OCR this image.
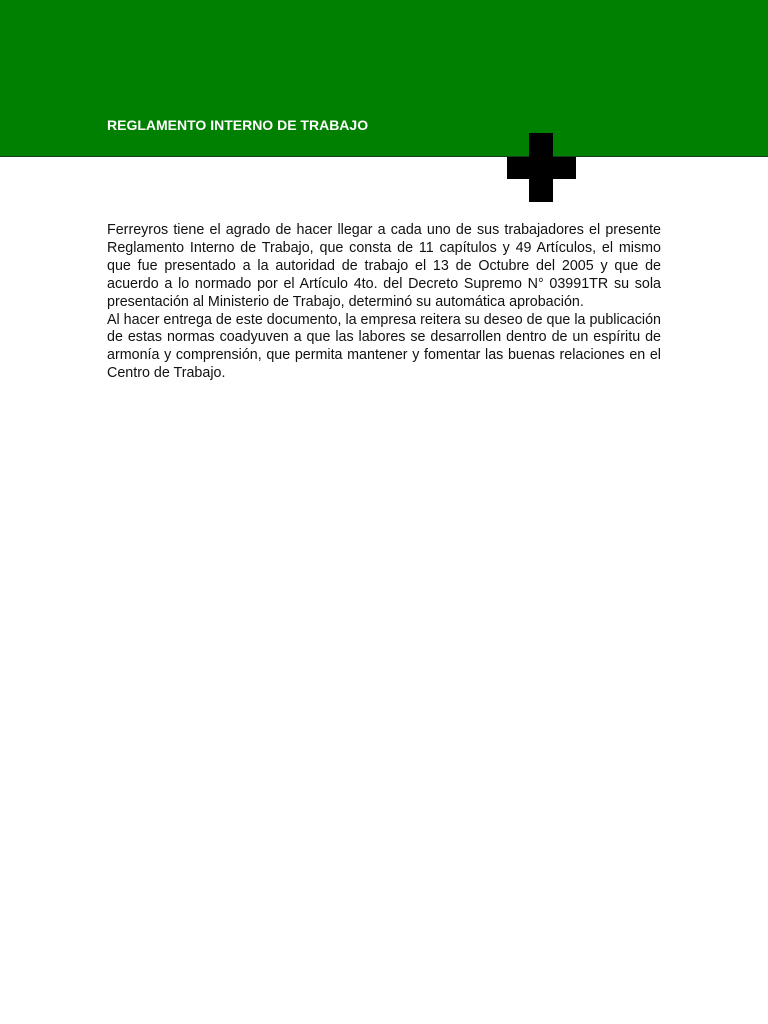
REGLAMENTO INTERNO DE TRABAJO

Ferreyros tiene el agrado de hacer llegar a cada uno de sus trabajadores el presente Reglamento Interno de Trabajo, que consta de 11 capítulos y 49 Artículos, el mismo que fue presentado a la autoridad de trabajo el 13 de Octubre del 2005 y que de acuerdo a lo normado por el Artículo 4to. del Decreto Supremo N° 03991TR su sola presentación al Ministerio de Trabajo, determinó su automática aprobación.

Al hacer entrega de este documento, la empresa reitera su deseo de que la publicación de estas normas coadyuven a que las labores se desarrollen dentro de un espíritu de armonía y comprensión, que permita mantener y fomentar las buenas relaciones en el Centro de Trabajo.
